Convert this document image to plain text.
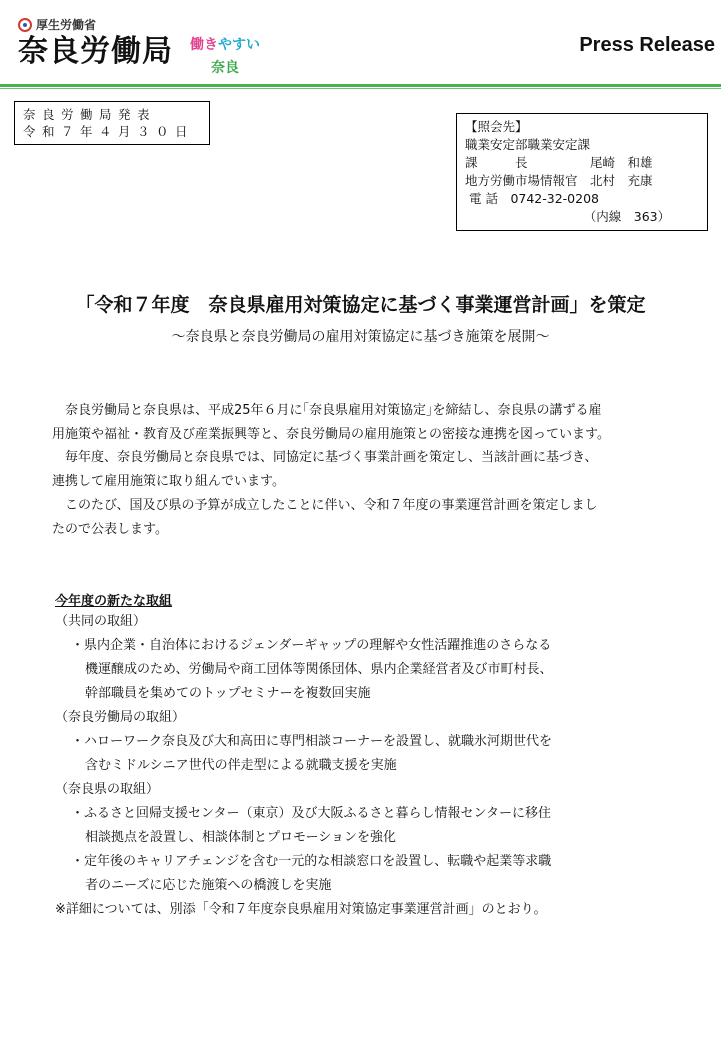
厚生労働省
奈良労働局	働きやすい
奈良
Press Release
奈良労働局発表
令和７年４月３０日	【照会先】
職業安定部職業安定課
課　　　長　　　　　尾崎　和雄
地方労働市場情報官　北村　充康
電 話　0742-32-0208
　　　　　　　　　　（内線　363）
「令和７年度　奈良県雇用対策協定に基づく事業運営計画」を策定
～奈良県と奈良労働局の雇用対策協定に基づき施策を展開～
　奈良労働局と奈良県は、平成25年６月に｢奈良県雇用対策協定｣を締結し、奈良県の講ずる雇
用施策や福祉・教育及び産業振興等と、奈良労働局の雇用施策との密接な連携を図っています。
　毎年度、奈良労働局と奈良県では、同協定に基づく事業計画を策定し、当該計画に基づき、
連携して雇用施策に取り組んでいます。
　このたび、国及び県の予算が成立したことに伴い、令和７年度の事業運営計画を策定しまし
たので公表します。
今年度の新たな取組
（共同の取組）
・県内企業・自治体におけるジェンダーギャップの理解や女性活躍推進のさらなる
機運醸成のため、労働局や商工団体等関係団体、県内企業経営者及び市町村長、
幹部職員を集めてのトップセミナーを複数回実施
（奈良労働局の取組）
・ハローワーク奈良及び大和高田に専門相談コーナーを設置し、就職氷河期世代を
含むミドルシニア世代の伴走型による就職支援を実施
（奈良県の取組）
・ふるさと回帰支援センター（東京）及び大阪ふるさと暮らし情報センターに移住
相談拠点を設置し、相談体制とプロモーションを強化
・定年後のキャリアチェンジを含む一元的な相談窓口を設置し、転職や起業等求職
者のニーズに応じた施策への橋渡しを実施
※詳細については、別添「令和７年度奈良県雇用対策協定事業運営計画」のとおり。
